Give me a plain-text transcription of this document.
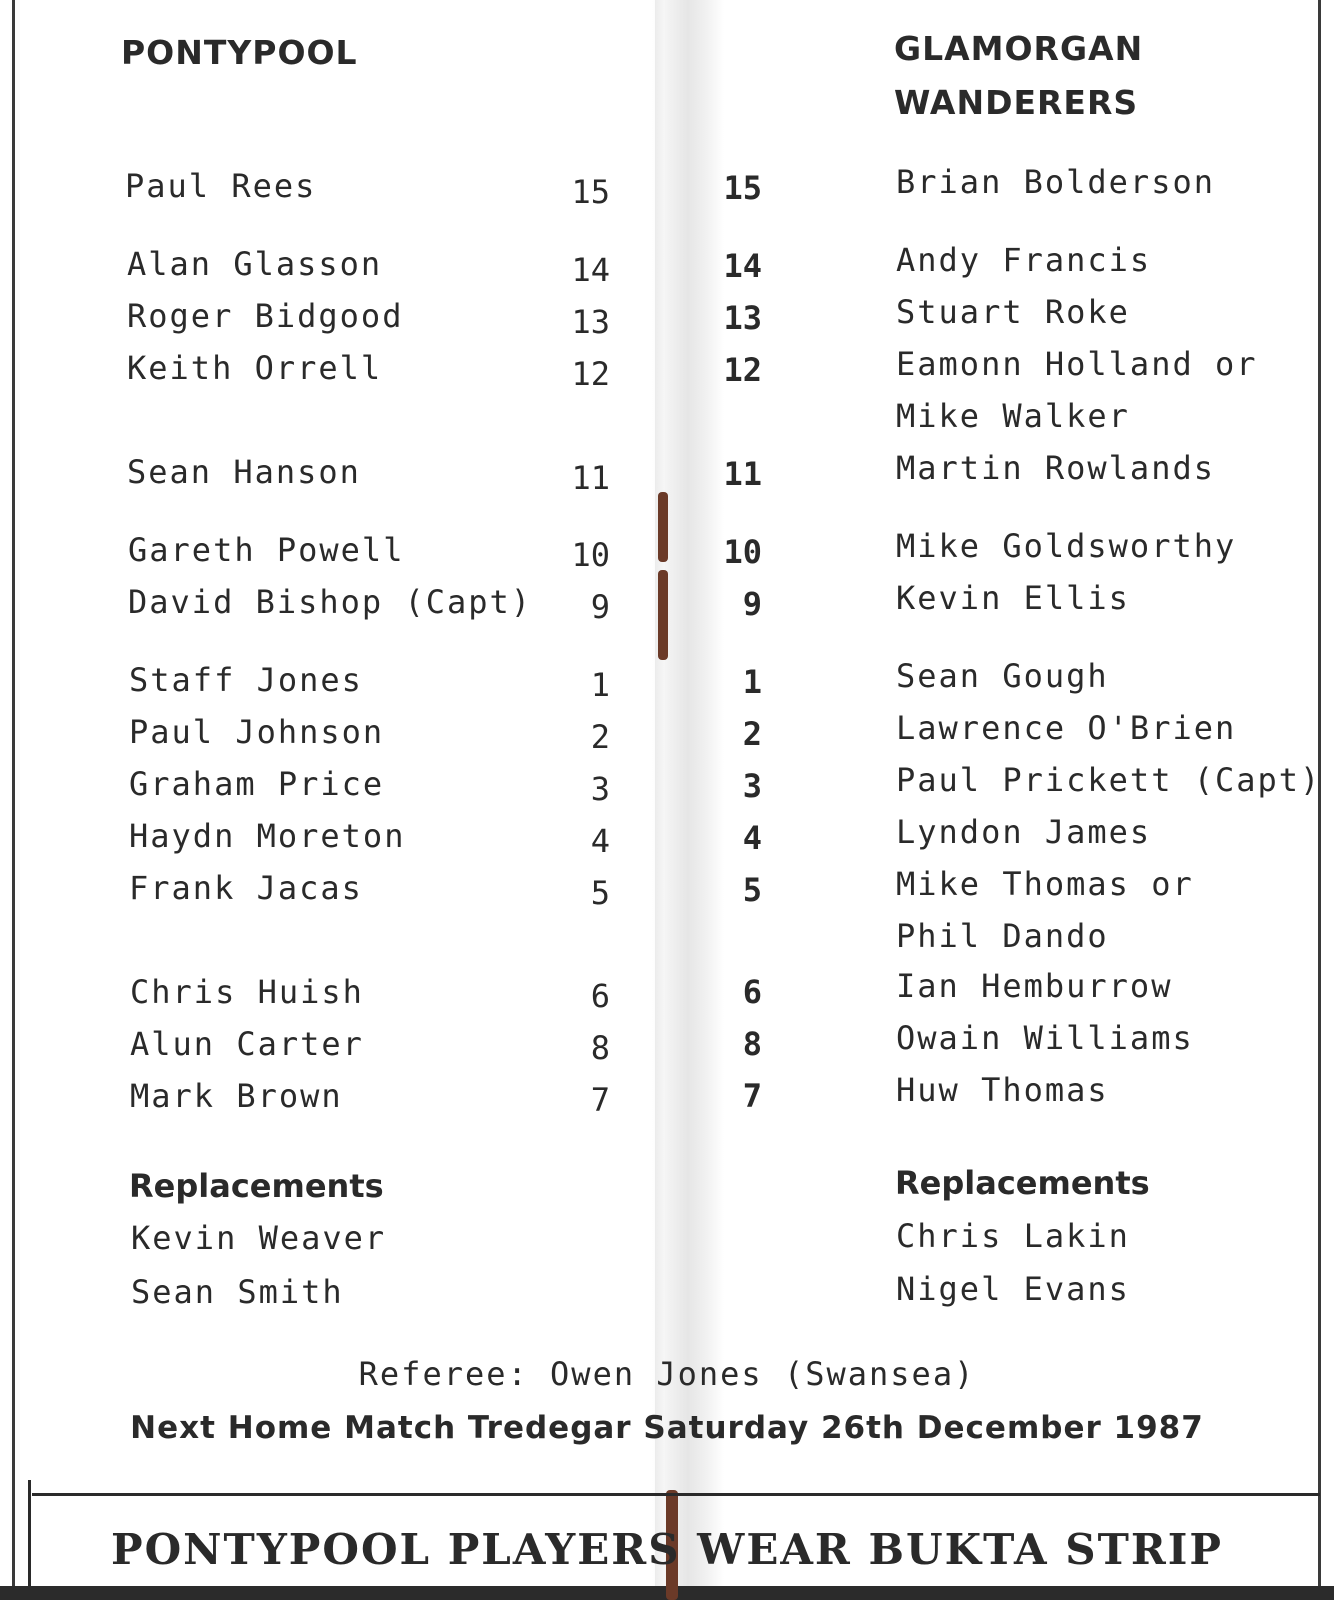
PONTYPOOL	GLAMORGAN
WANDERERS
Paul Rees	15
Alan Glasson	14
Roger Bidgood	13
Keith Orrell	12
Sean Hanson	11
Gareth Powell	10
David Bishop (Capt)	9
Staff Jones	1
Paul Johnson	2
Graham Price	3
Haydn Moreton	4
Frank Jacas	5
Chris Huish	6
Alun Carter	8
Mark Brown	7
15	Brian Bolderson
14	Andy Francis
13	Stuart Roke
12	Eamonn Holland or
Mike Walker
11	Martin Rowlands
10	Mike Goldsworthy
9	Kevin Ellis
1	Sean Gough
2	Lawrence O'Brien
3	Paul Prickett (Capt)
4	Lyndon James
5	Mike Thomas or
Phil Dando
6	Ian Hemburrow
8	Owain Williams
7	Huw Thomas
Replacements
Kevin Weaver
Sean Smith
Replacements
Chris Lakin
Nigel Evans
Referee: Owen Jones (Swansea)
Next Home Match Tredegar Saturday 26th December 1987
PONTYPOOL PLAYERS WEAR BUKTA STRIP
